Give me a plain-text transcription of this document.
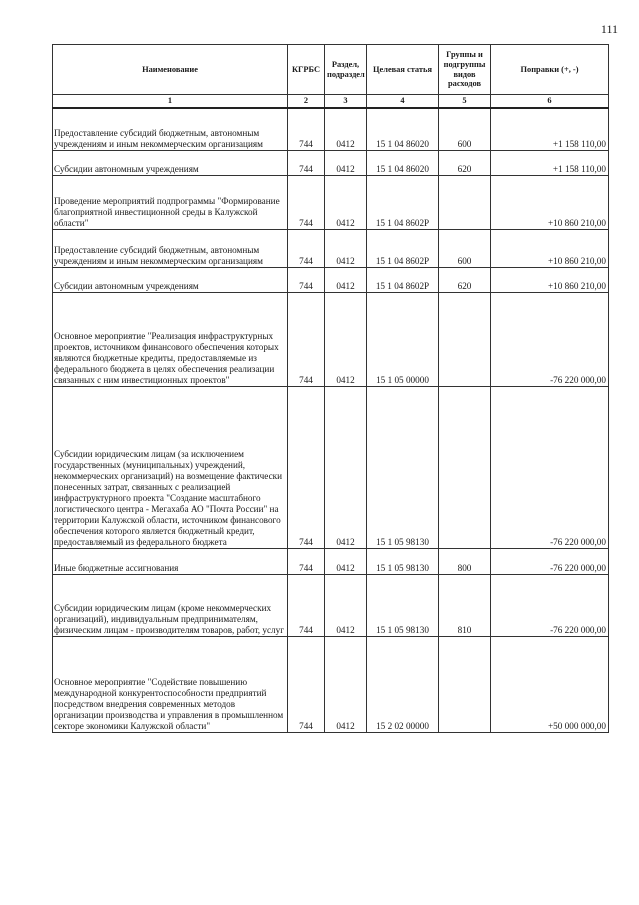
111
Наименование	КГРБС	Раздел, подраздел	Целевая статья	Группы и подгруппы видов расходов	Поправки (+, -)
1	2	3	4	5	6

Предоставление субсидий бюджетным, автономным учреждениям и иным некоммерческим организациям	744	0412	15 1 04 86020	600	+1 158 110,00
Субсидии автономным учреждениям	744	0412	15 1 04 86020	620	+1 158 110,00
Проведение мероприятий подпрограммы "Формирование благоприятной инвестиционной среды в Калужской области"	744	0412	15 1 04 8602P		+10 860 210,00
Предоставление субсидий бюджетным, автономным учреждениям и иным некоммерческим организациям	744	0412	15 1 04 8602P	600	+10 860 210,00
Субсидии автономным учреждениям	744	0412	15 1 04 8602P	620	+10 860 210,00
Основное мероприятие "Реализация инфраструктурных проектов, источником финансового обеспечения которых являются бюджетные кредиты, предоставляемые из федерального бюджета в целях обеспечения реализации связанных с ним инвестиционных проектов"	744	0412	15 1 05 00000		-76 220 000,00
Субсидии юридическим лицам (за исключением государственных (муниципальных) учреждений, некоммерческих организаций) на возмещение фактически понесенных затрат, связанных с реализацией инфраструктурного проекта "Создание масштабного логистического центра - Мегахаба АО "Почта России" на территории Калужской области, источником финансового обеспечения которого является бюджетный кредит, предоставляемый из федерального бюджета	744	0412	15 1 05 98130		-76 220 000,00
Иные бюджетные ассигнования	744	0412	15 1 05 98130	800	-76 220 000,00
Субсидии юридическим лицам (кроме некоммерческих организаций), индивидуальным предпринимателям, физическим лицам - производителям товаров, работ, услуг	744	0412	15 1 05 98130	810	-76 220 000,00
Основное мероприятие "Содействие повышению международной конкурентоспособности предприятий посредством внедрения современных методов организации производства и управления в промышленном секторе экономики Калужской области"	744	0412	15 2 02 00000		+50 000 000,00
